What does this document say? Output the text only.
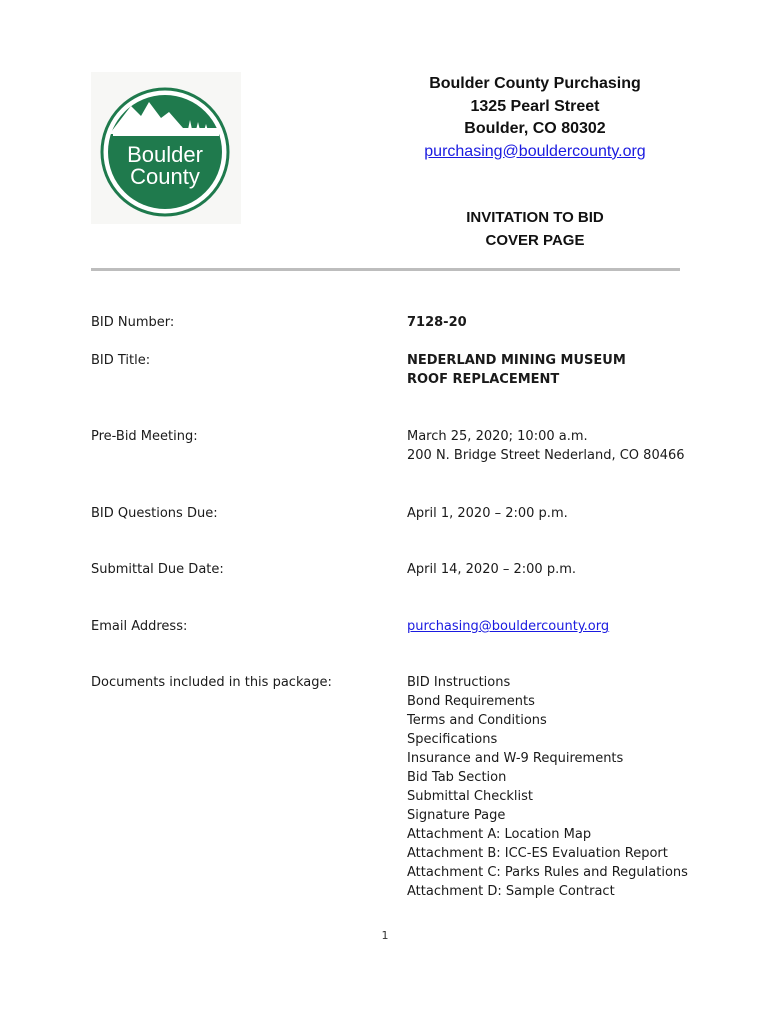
Boulder
County
Boulder County Purchasing
1325 Pearl Street
Boulder, CO 80302
purchasing@bouldercounty.org
INVITATION TO BID
COVER PAGE
BID Number:	7128-20
BID Title:	NEDERLAND MINING MUSEUM
ROOF REPLACEMENT
Pre-Bid Meeting:	March 25, 2020; 10:00 a.m.
200 N. Bridge Street Nederland, CO 80466
BID Questions Due:	April 1, 2020 – 2:00 p.m.
Submittal Due Date:	April 14, 2020 – 2:00 p.m.
Email Address:	purchasing@bouldercounty.org
Documents included in this package:	BID Instructions
Bond Requirements
Terms and Conditions
Specifications
Insurance and W-9 Requirements
Bid Tab Section
Submittal Checklist
Signature Page
Attachment A: Location Map
Attachment B: ICC-ES Evaluation Report
Attachment C: Parks Rules and Regulations
Attachment D: Sample Contract
1
